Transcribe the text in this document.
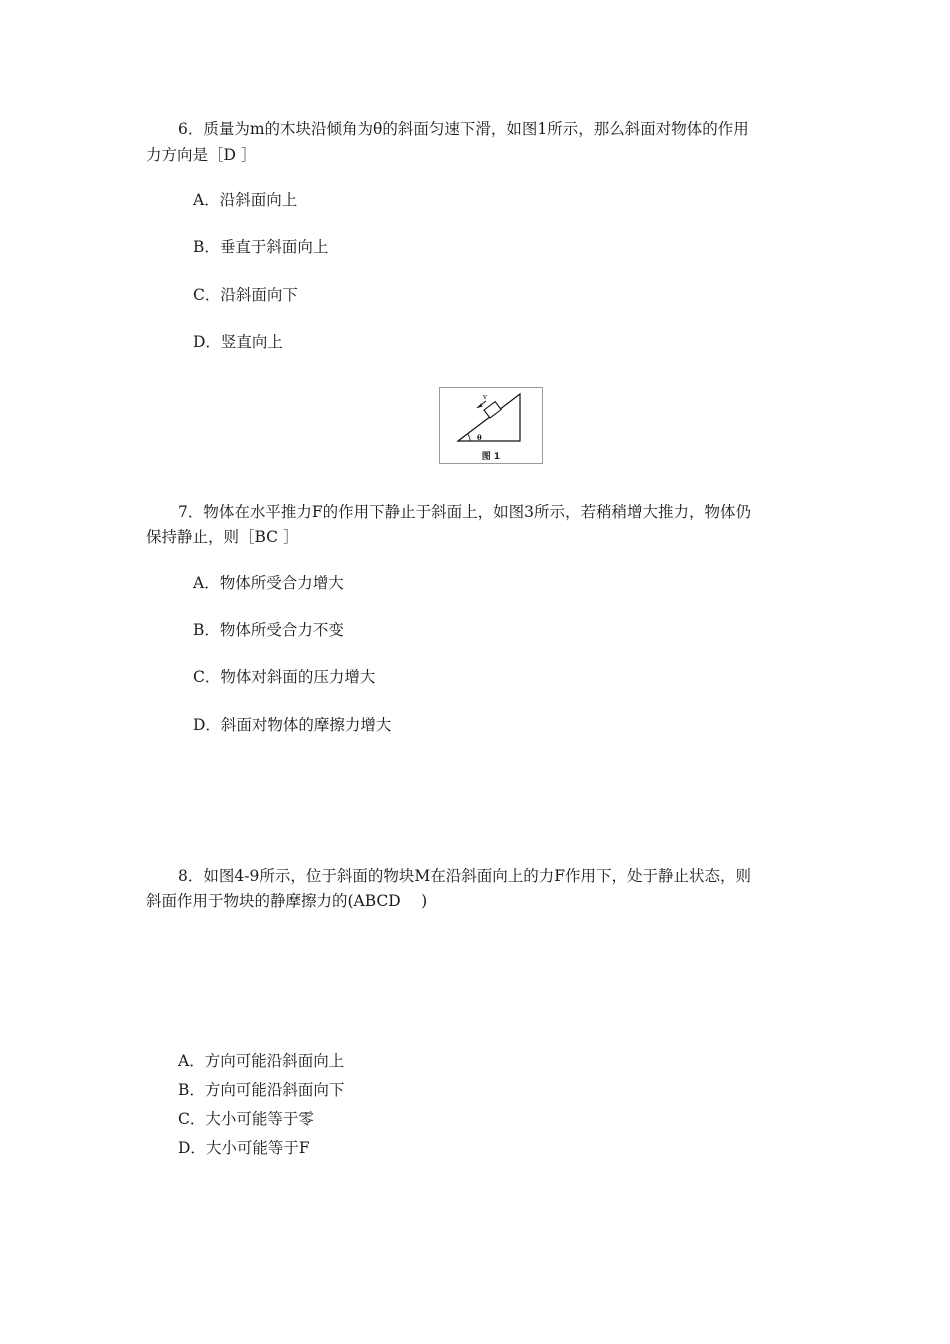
6．质量为m的木块沿倾角为θ的斜面匀速下滑，如图1所示，那么斜面对物体的作用
力方向是［D ］
A．沿斜面向上
B．垂直于斜面向上
C．沿斜面向下
D．竖直向上
v
θ
图 1
7．物体在水平推力F的作用下静止于斜面上，如图3所示，若稍稍增大推力，物体仍
保持静止，则［BC ］
A．物体所受合力增大
B．物体所受合力不变
C．物体对斜面的压力增大
D．斜面对物体的摩擦力增大
8．如图4-9所示，位于斜面的物块M在沿斜面向上的力F作用下，处于静止状态，则
斜面作用于物块的静摩擦力的(ABCD　 )
A．方向可能沿斜面向上
B．方向可能沿斜面向下
C．大小可能等于零
D．大小可能等于F
